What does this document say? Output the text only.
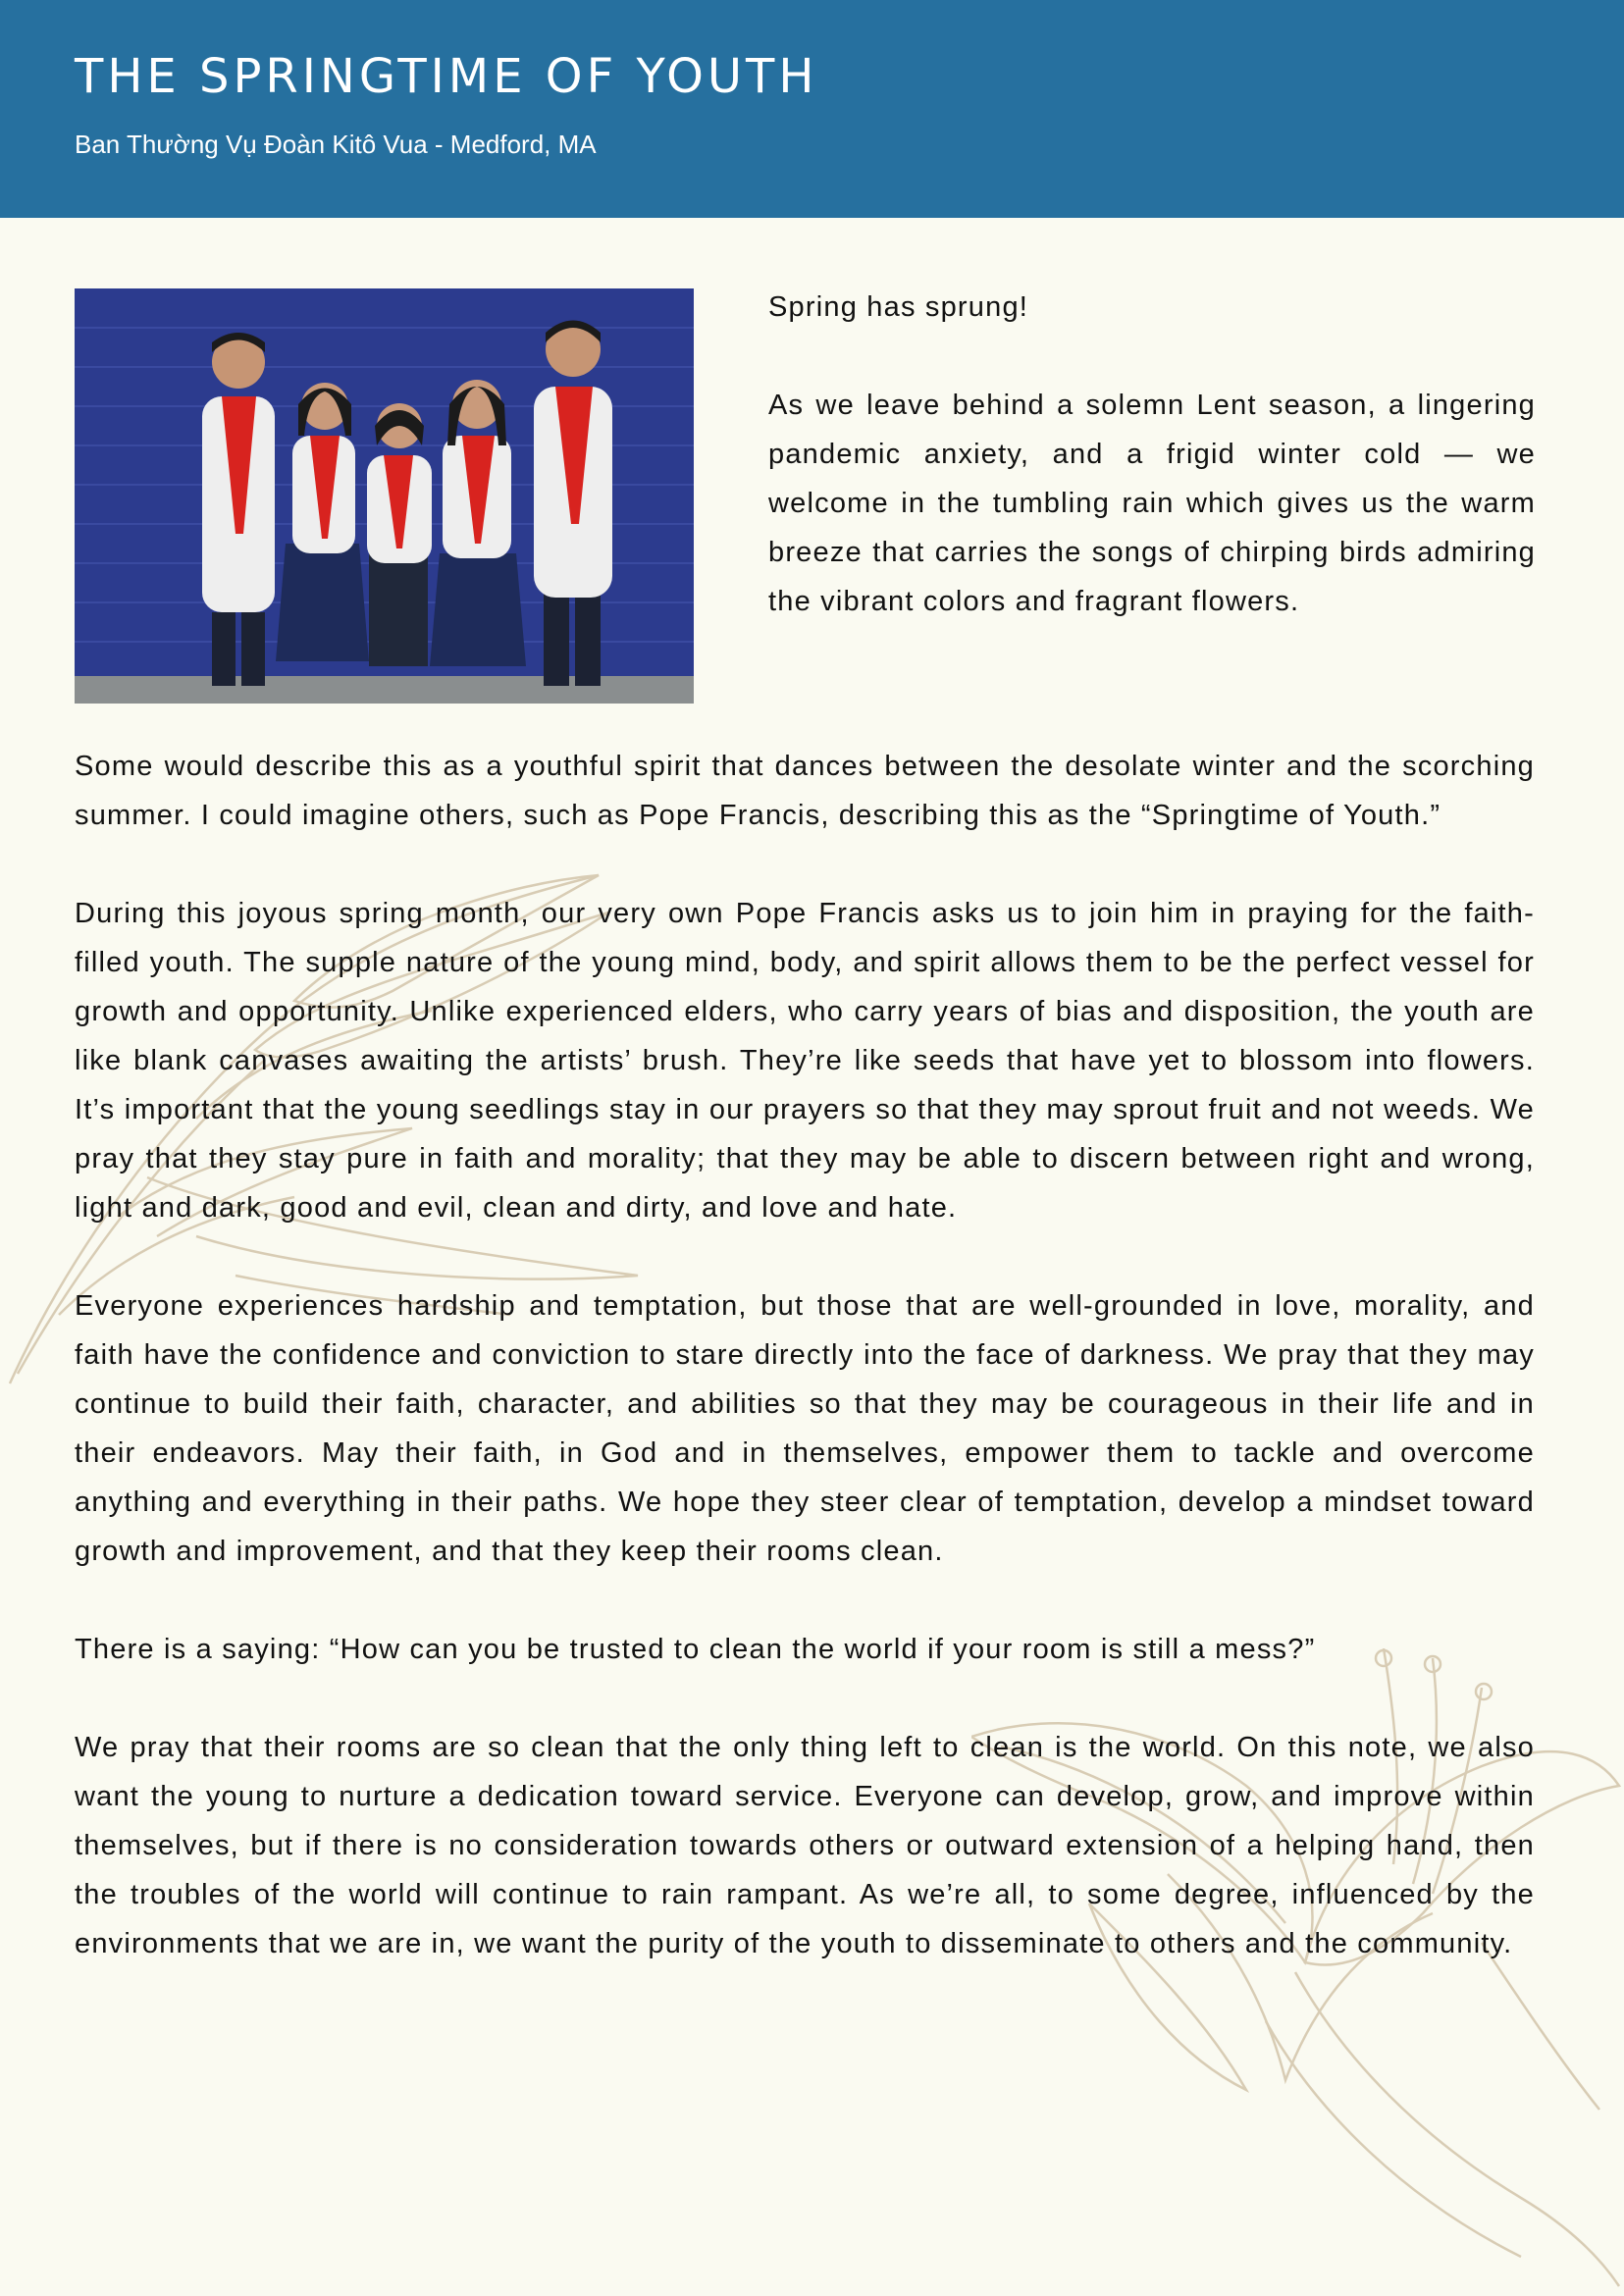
THE SPRINGTIME OF YOUTH
Ban Thường Vụ Đoàn Kitô Vua - Medford, MA

Spring has sprung!

As we leave behind a solemn Lent season, a lingering pandemic anxiety, and a frigid winter cold — we welcome in the tumbling rain which gives us the warm breeze that carries the songs of chirping birds admiring the vibrant colors and fragrant flowers.

Some would describe this as a youthful spirit that dances between the desolate winter and the scorching summer. I could imagine others, such as Pope Francis, describing this as the “Springtime of Youth.”

During this joyous spring month, our very own Pope Francis asks us to join him in praying for the faith-filled youth. The supple nature of the young mind, body, and spirit allows them to be the perfect vessel for growth and opportunity. Unlike experienced elders, who carry years of bias and disposition, the youth are like blank canvases awaiting the artists’ brush. They’re like seeds that have yet to blossom into flowers. It’s important that the young seedlings stay in our prayers so that they may sprout fruit and not weeds. We pray that they stay pure in faith and morality; that they may be able to discern between right and wrong, light and dark, good and evil, clean and dirty, and love and hate.

Everyone experiences hardship and temptation, but those that are well-grounded in love, morality, and faith have the confidence and conviction to stare directly into the face of darkness. We pray that they may continue to build their faith, character, and abilities so that they may be courageous in their life and in their endeavors. May their faith, in God and in themselves, empower them to tackle and overcome anything and everything in their paths. We hope they steer clear of temptation, develop a mindset toward growth and improvement, and that they keep their rooms clean.

There is a saying: “How can you be trusted to clean the world if your room is still a mess?”

We pray that their rooms are so clean that the only thing left to clean is the world. On this note, we also want the young to nurture a dedication toward service. Everyone can develop, grow, and improve within themselves, but if there is no consideration towards others or outward extension of a helping hand, then the troubles of the world will continue to rain rampant. As we’re all, to some degree, influenced by the environments that we are in, we want the purity of the youth to disseminate to others and the community.
